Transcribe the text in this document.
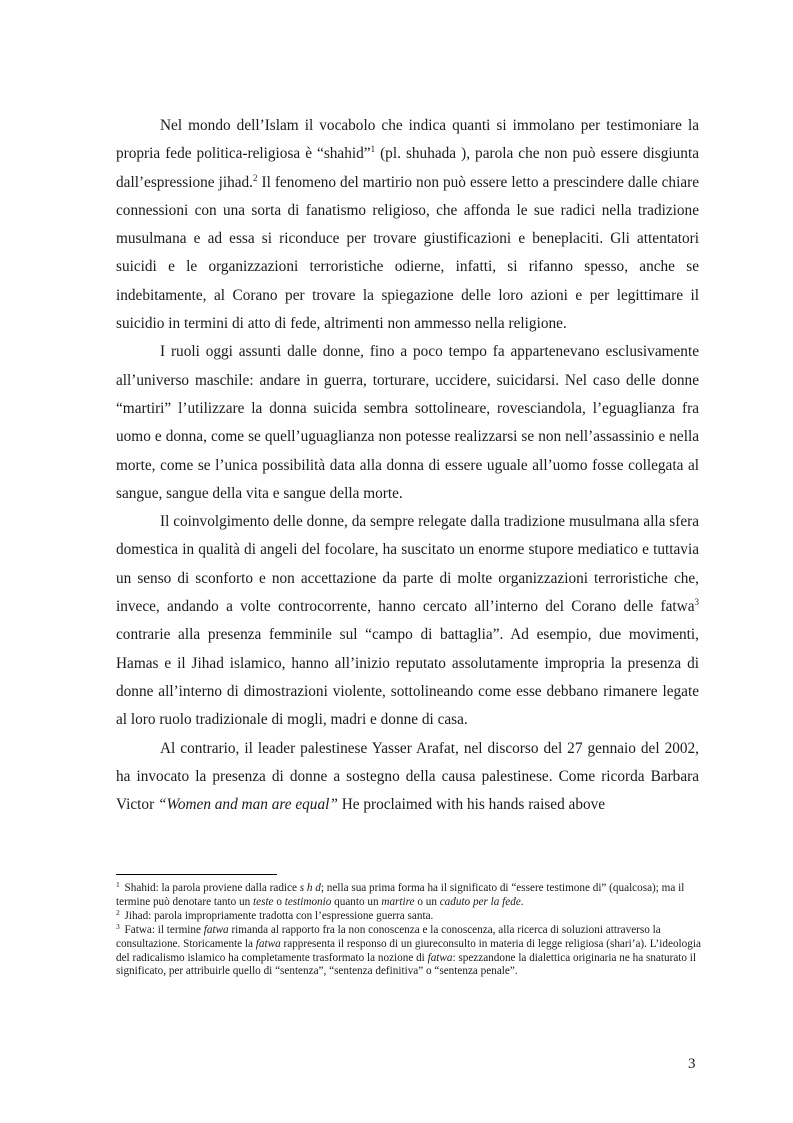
Nel mondo dell’Islam il vocabolo che indica quanti si immolano per testimoniare la propria fede politica-religiosa è “shahid”$^1$ (pl. shuhada ), parola che non può essere disgiunta dall’espressione jihad.$^2$ Il fenomeno del martirio non può essere letto a prescindere dalle chiare connessioni con una sorta di fanatismo religioso, che affonda le sue radici nella tradizione musulmana e ad essa si riconduce per trovare giustificazioni e beneplaciti. Gli attentatori suicidi e le organizzazioni terroristiche odierne, infatti, si rifanno spesso, anche se indebitamente, al Corano per trovare la spiegazione delle loro azioni e per legittimare il suicidio in termini di atto di fede, altrimenti non ammesso nella religione.

I ruoli oggi assunti dalle donne, fino a poco tempo fa appartenevano esclusivamente all’universo maschile: andare in guerra, torturare, uccidere, suicidarsi. Nel caso delle donne “martiri” l’utilizzare la donna suicida sembra sottolineare, rovesciandola, l’eguaglianza fra uomo e donna, come se quell’uguaglianza non potesse realizzarsi se non nell’assassinio e nella morte, come se l’unica possibilità data alla donna di essere uguale all’uomo fosse collegata al sangue, sangue della vita e sangue della morte.

Il coinvolgimento delle donne, da sempre relegate dalla tradizione musulmana alla sfera domestica in qualità di angeli del focolare, ha suscitato un enorme stupore mediatico e tuttavia un senso di sconforto e non accettazione da parte di molte organizzazioni terroristiche che, invece, andando a volte controcorrente, hanno cercato all’interno del Corano delle fatwa$^3$ contrarie alla presenza femminile sul “campo di battaglia”. Ad esempio, due movimenti, Hamas e il Jihad islamico, hanno all’inizio reputato assolutamente impropria la presenza di donne all’interno di dimostrazioni violente, sottolineando come esse debbano rimanere legate al loro ruolo tradizionale di mogli, madri e donne di casa.

Al contrario, il leader palestinese Yasser Arafat, nel discorso del 27 gennaio del 2002, ha invocato la presenza di donne a sostegno della causa palestinese. Come ricorda Barbara Victor “Women and man are equal” He proclaimed with his hands raised above

$^1$ Shahid: la parola proviene dalla radice s h d; nella sua prima forma ha il significato di “essere testimone di” (qualcosa); ma il termine può denotare tanto un teste o testimonio quanto un martire o un caduto per la fede.

$^2$ Jihad: parola impropriamente tradotta con l’espressione guerra santa.

$^3$ Fatwa: il termine fatwa rimanda al rapporto fra la non conoscenza e la conoscenza, alla ricerca di soluzioni attraverso la consultazione. Storicamente la fatwa rappresenta il responso di un giureconsulto in materia di legge religiosa (shari’a). L’ideologia del radicalismo islamico ha completamente trasformato la nozione di fatwa: spezzandone la dialettica originaria ne ha snaturato il significato, per attribuirle quello di “sentenza”, “sentenza definitiva” o “sentenza penale”.

3
